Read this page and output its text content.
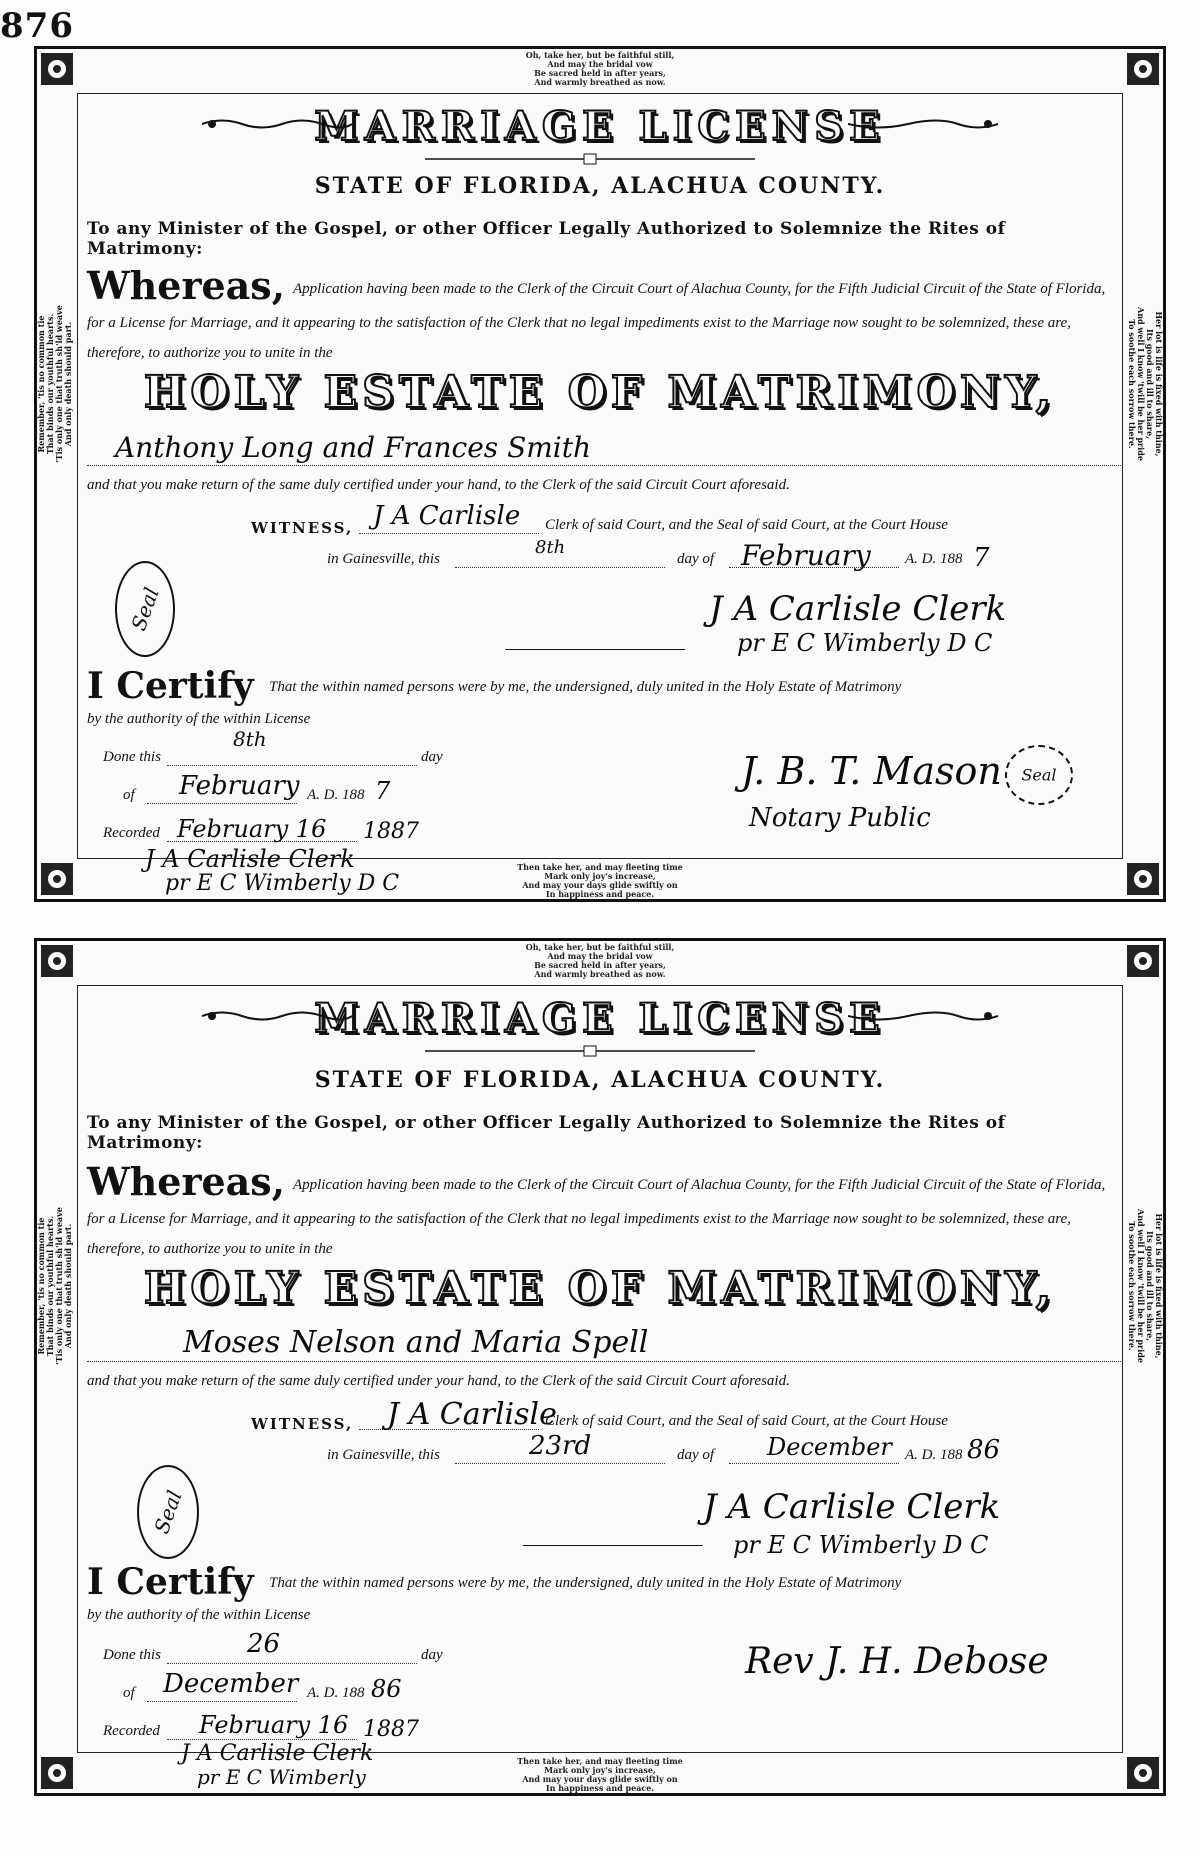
876
Oh, take her, but be faithful still,
And may the bridal vow
Be sacred held in after years,
And warmly breathed as now.
Remember, 'tis no common tie That binds our youthful hearts. 'Tis only one that truth sh'ld weave And only death should part.	Her lot is life is fixed with thine,
Its good and ill to share,
And well I know 'twill be her pride
To soothe each sorrow there.
MARRIAGE LICENSE
STATE OF FLORIDA, ALACHUA COUNTY.
To any Minister of the Gospel, or other Officer Legally Authorized to Solemnize the Rites of Matrimony:
Whereas, Application having been made to the Clerk of the Circuit Court of Alachua County, for the Fifth Judicial Circuit of the State of Florida, for a License for Marriage, and it appearing to the satisfaction of the Clerk that no legal impediments exist to the Marriage now sought to be solemnized, these are, therefore, to authorize you to unite in the
HOLY ESTATE OF MATRIMONY,
Anthony Long and Frances Smith
and that you make return of the same duly certified under your hand, to the Clerk of the said Circuit Court aforesaid.
WITNESS, J A Carlisle Clerk of said Court, and the Seal of said Court, at the Court House
in Gainesville, this
8th
day of February A. D. 188 7
Seal	J A Carlisle Clerk
pr E C Wimberly D C
I Certify That the within named persons were by me, the undersigned, duly united in the Holy Estate of Matrimony
by the authority of the within License
Done this
8th
day
of February A. D. 188 7	J. B. T. Mason Seal
Notary Public
Recorded February 16 1887
J A Carlisle Clerk
pr E C Wimberly D C
Then take her, and may fleeting time
Mark only joy's increase,
And may your days glide swiftly on
In happiness and peace.
Oh, take her, but be faithful still,
And may the bridal vow
Be sacred held in after years,
And warmly breathed as now.
Remember, 'tis no common tie That binds our youthful hearts. 'Tis only one that truth sh'ld weave And only death should part.	Her lot is life is fixed with thine,
Its good and ill to share,
And well I know 'twill be her pride
To soothe each sorrow there.
MARRIAGE LICENSE
STATE OF FLORIDA, ALACHUA COUNTY.
To any Minister of the Gospel, or other Officer Legally Authorized to Solemnize the Rites of Matrimony:
Whereas, Application having been made to the Clerk of the Circuit Court of Alachua County, for the Fifth Judicial Circuit of the State of Florida, for a License for Marriage, and it appearing to the satisfaction of the Clerk that no legal impediments exist to the Marriage now sought to be solemnized, these are, therefore, to authorize you to unite in the
HOLY ESTATE OF MATRIMONY,
Moses Nelson and Maria Spell
and that you make return of the same duly certified under your hand, to the Clerk of the said Circuit Court aforesaid.
WITNESS, J A Carlisle
Clerk of said Court, and the Seal of said Court, at the Court House
in Gainesville, this	23rd	day of December A. D. 188 86
Seal	J A Carlisle Clerk
pr E C Wimberly D C
I Certify That the within named persons were by me, the undersigned, duly united in the Holy Estate of Matrimony
by the authority of the within License
Done this	26	day
of December A. D. 188 86
Rev J. H. Debose
Recorded February 16 1887
J A Carlisle Clerk
pr E C Wimberly
Then take her, and may fleeting time
Mark only joy's increase,
And may your days glide swiftly on
In happiness and peace.
